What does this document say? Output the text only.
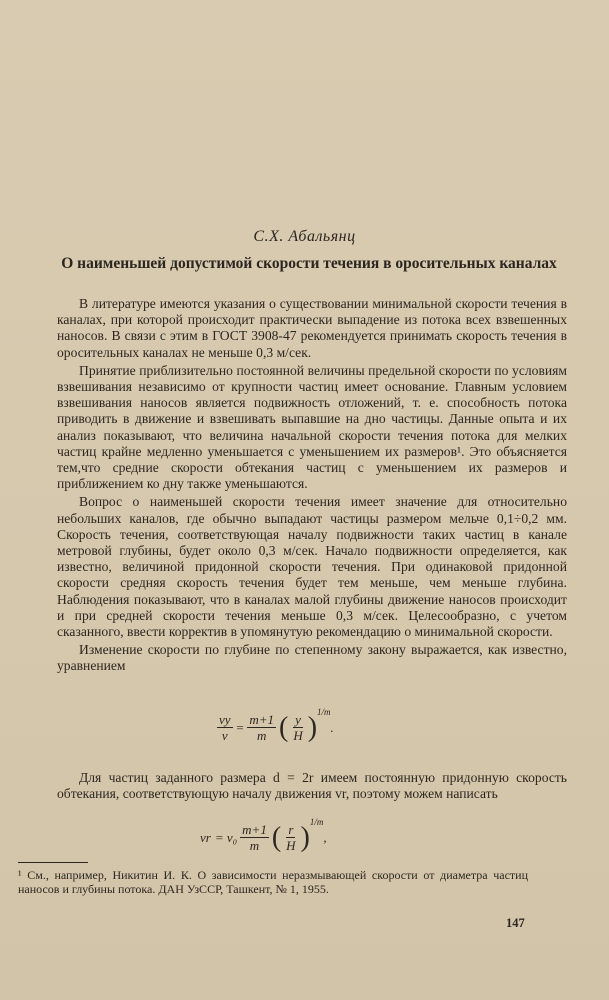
С.Х. Абальянц
О наименьшей допустимой скорости течения в оросительных каналах

В литературе имеются указания о существовании минимальной скорости течения в каналах, при которой происходит практически выпадение из потока всех взвешенных наносов. В связи с этим в ГОСТ 3908-47 рекомендуется принимать скорость течения в оросительных каналах не меньше 0,3 м/сек.

Принятие приблизительно постоянной величины предельной скорости по условиям взвешивания независимо от крупности частиц имеет основание. Главным условием взвешивания наносов является подвижность отложений, т. е. способность потока приводить в движение и взвешивать выпавшие на дно частицы. Данные опыта и их анализ показывают, что величина начальной скорости течения потока для мелких частиц крайне медленно уменьшается с уменьшением их размеров¹. Это объясняется тем,что средние скорости обтекания частиц с уменьшением их размеров и приближением ко дну также уменьшаются.

Вопрос о наименьшей скорости течения имеет значение для относительно небольших каналов, где обычно выпадают частицы размером мельче 0,1÷0,2 мм. Скорость течения, соответствующая началу подвижности таких частиц в канале метровой глубины, будет около 0,3 м/сек. Начало подвижности определяется, как известно, величиной придонной скорости течения. При одинаковой придонной скорости средняя скорость течения будет тем меньше, чем меньше глубина. Наблюдения показывают, что в каналах малой глубины движение наносов происходит и при средней скорости течения меньше 0,3 м/сек. Целесообразно, с учетом сказанного, ввести корректив в упомянутую рекомендацию о минимальной скорости.

Изменение скорости по глубине по степенному закону выражается, как известно, уравнением

$\frac{vy}{v} = \frac{m+1}{m}$ ( $\frac{y}{H}$ ) 1/m
.

Для частиц заданного размера d = 2r имеем постоянную придонную скорость обтекания, соответствующую началу движения vr, поэтому можем написать

vr = $v_0 \frac{m+1}{m}$ ( $\frac{r}{H}$ ) 1/m
,
¹ См., например, Никитин И. К. О зависимости неразмывающей скорости от диаметра частиц наносов и глубины потока. ДАН УзССР, Ташкент, № 1, 1955.
147
